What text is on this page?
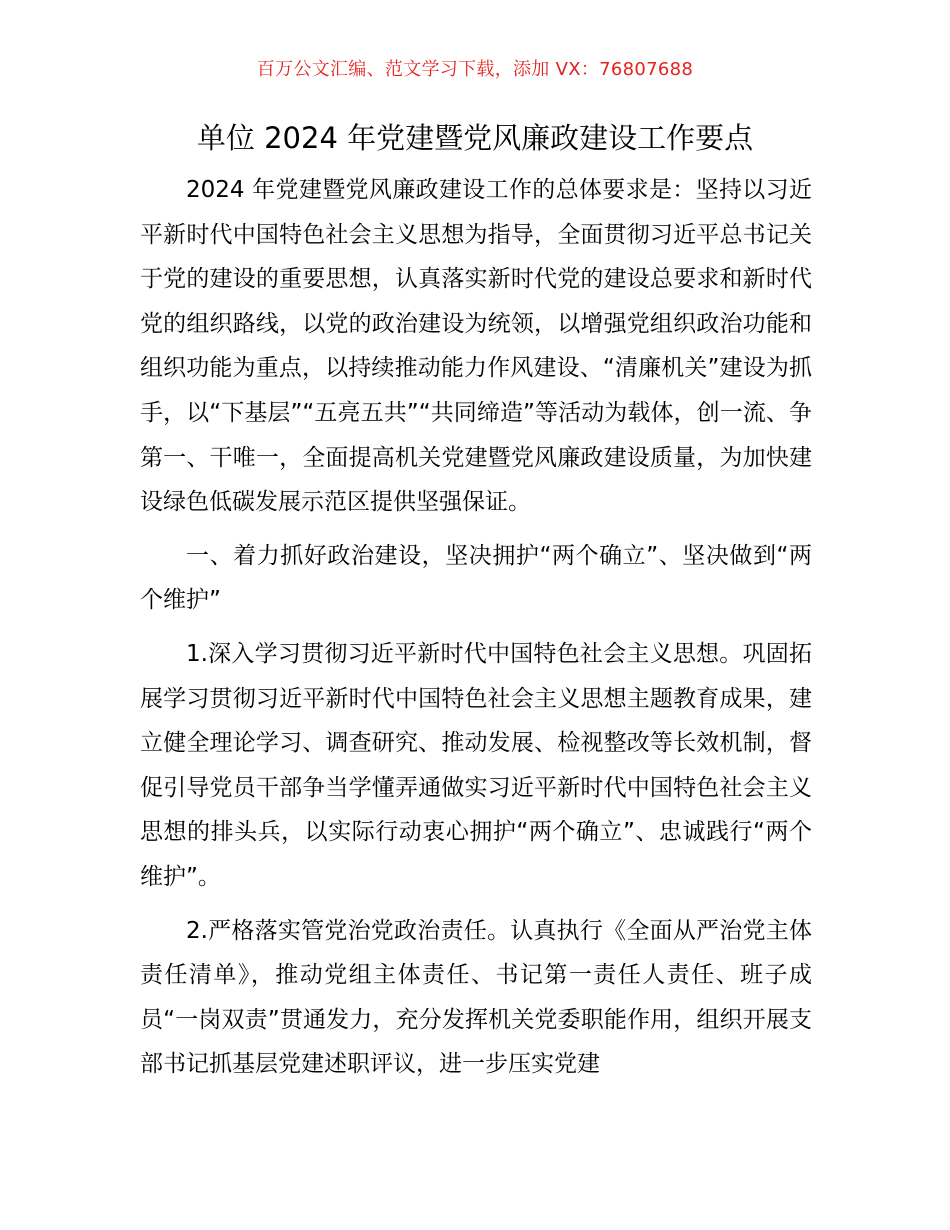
百万公文汇编、范文学习下载，添加 VX：76807688
单位 2024 年党建暨党风廉政建设工作要点

2024 年党建暨党风廉政建设工作的总体要求是：坚持以习近平新时代中国特色社会主义思想为指导，全面贯彻习近平总书记关于党的建设的重要思想，认真落实新时代党的建设总要求和新时代党的组织路线，以党的政治建设为统领，以增强党组织政治功能和组织功能为重点，以持续推动能力作风建设、“清廉机关”建设为抓手，以“下基层”“五亮五共”“共同缔造”等活动为载体，创一流、争第一、干唯一，全面提高机关党建暨党风廉政建设质量，为加快建设绿色低碳发展示范区提供坚强保证。

一、着力抓好政治建设，坚决拥护“两个确立”、坚决做到“两个维护”

1.深入学习贯彻习近平新时代中国特色社会主义思想。巩固拓展学习贯彻习近平新时代中国特色社会主义思想主题教育成果，建立健全理论学习、调查研究、推动发展、检视整改等长效机制，督促引导党员干部争当学懂弄通做实习近平新时代中国特色社会主义思想的排头兵，以实际行动衷心拥护“两个确立”、忠诚践行“两个维护”。

2.严格落实管党治党政治责任。认真执行《全面从严治党主体责任清单》，推动党组主体责任、书记第一责任人责任、班子成员“一岗双责”贯通发力，充分发挥机关党委职能作用，组织开展支部书记抓基层党建述职评议，进一步压实党建
